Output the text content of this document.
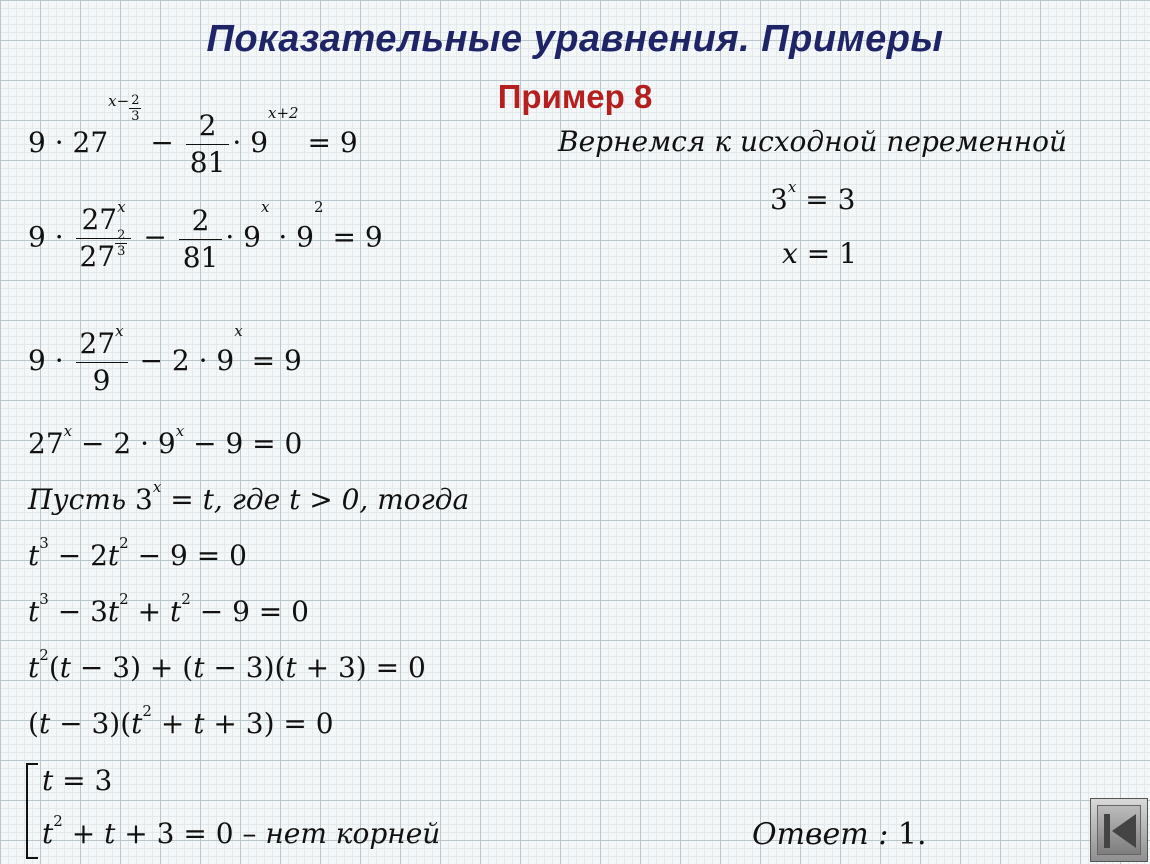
Показательные уравнения. Примеры
Пример 8
$9 \cdot 27^{x- \frac{2}{3}}$
− $\frac{2}{81} \cdot 9^{x+2} = 9$
$9 \cdot \frac{27^x}{27 \frac{2}{3}} - \frac{2}{81} \cdot 9^x \cdot 9^2 = 9$
$9 \cdot \frac{27^x}{9} - 2 \cdot 9^x = 9$
$27^x - 2 \cdot 9^x - 9 = 0$
Пусть $3^x = t$, где t > 0, тогда
$t^3 - 2t^2 - 9 = 0$
$t^3 - 3t^2 + t^2 - 9 = 0$
$t^2(t - 3) + (t - 3)(t + 3) = 0$
$(t - 3)(t^2 + t + 3) = 0$
t = 3
$t^2 + t + 3 = 0$ – нет корней
Вернемся к исходной переменной
$3^x = 3$
x = 1
Ответ : 1.
